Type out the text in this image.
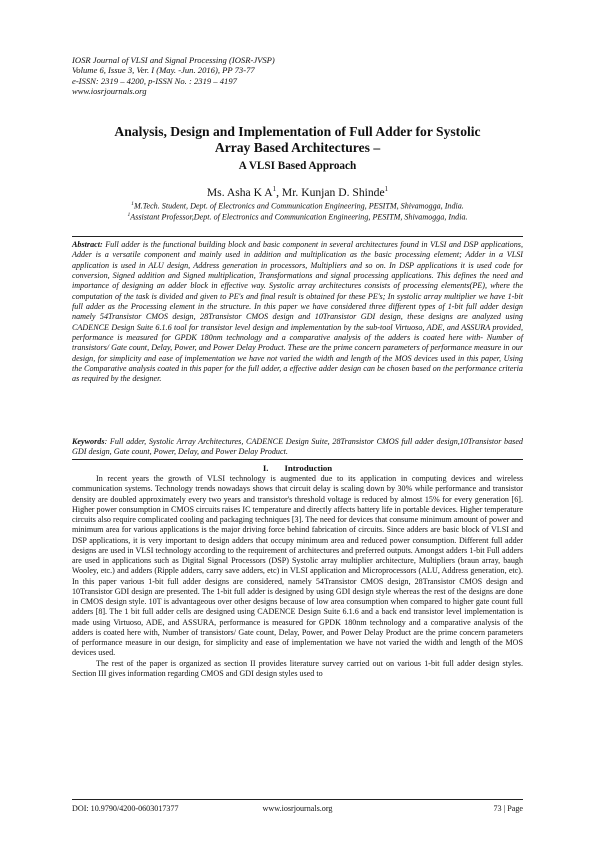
IOSR Journal of VLSI and Signal Processing (IOSR-JVSP)
Volume 6, Issue 3, Ver. I (May. -Jun. 2016), PP 73-77
e-ISSN: 2319 – 4200, p-ISSN No. : 2319 – 4197
www.iosrjournals.org
Analysis, Design and Implementation of Full Adder for Systolic
Array Based Architectures –
A VLSI Based Approach
Ms. Asha K $A^1$, Mr. Kunjan D. Shinde$^1$
$^1$M.Tech. Student, Dept. of Electronics and Communication Engineering, PESITM, Shivamogga, India.
$^1$Assistant Professor,Dept. of Electronics and Communication Engineering, PESITM, Shivamogga, India.
Abstract: Full adder is the functional building block and basic component in several architectures found in VLSI and DSP applications, Adder is a versatile component and mainly used in addition and multiplication as the basic processing element; Adder in a VLSI application is used in ALU design, Address generation in processors, Multipliers and so on. In DSP applications it is used code for conversion, Signed addition and Signed multiplication, Transformations and signal processing applications. This defines the need and importance of designing an adder block in effective way. Systolic array architectures consists of processing elements(PE), where the computation of the task is divided and given to PE's and final result is obtained for these PE's; In systolic array multiplier we have 1-bit full adder as the Processing element in the structure. In this paper we have considered three different types of 1-bit full adder design namely 54Transistor CMOS design, 28Transistor CMOS design and 10Transistor GDI design, these designs are analyzed using CADENCE Design Suite 6.1.6 tool for transistor level design and implementation by the sub-tool Virtuoso, ADE, and ASSURA provided, performance is measured for GPDK 180nm technology and a comparative analysis of the adders is coated here with- Number of transistors/ Gate count, Delay, Power, and Power Delay Product. These are the prime concern parameters of performance measure in our design, for simplicity and ease of implementation we have not varied the width and length of the MOS devices used in this paper, Using the Comparative analysis coated in this paper for the full adder, a effective adder design can be chosen based on the performance criteria as required by the designer.
Keywords: Full adder, Systolic Array Architectures, CADENCE Design Suite, 28Transistor CMOS full adder design,10Transistor based GDI design, Gate count, Power, Delay, and Power Delay Product.
I. Introduction

In recent years the growth of VLSI technology is augmented due to its application in computing devices and wireless communication systems. Technology trends nowadays shows that circuit delay is scaling down by 30% while performance and transistor density are doubled approximately every two years and transistor's threshold voltage is reduced by almost 15% for every generation [6]. Higher power consumption in CMOS circuits raises IC temperature and directly affects battery life in portable devices. Higher temperature circuits also require complicated cooling and packaging techniques [3]. The need for devices that consume minimum amount of power and minimum area for various applications is the major driving force behind fabrication of circuits. Since adders are basic block of VLSI and DSP applications, it is very important to design adders that occupy minimum area and reduced power consumption. Different full adder designs are used in VLSI technology according to the requirement of architectures and preferred outputs. Amongst adders 1-bit Full adders are used in applications such as Digital Signal Processors (DSP) Systolic array multiplier architecture, Multipliers (braun array, baugh Wooley, etc.) and adders (Ripple adders, carry save adders, etc) in VLSI application and Microprocessors (ALU, Address generation, etc). In this paper various 1-bit full adder designs are considered, namely 54Transistor CMOS design, 28Transistor CMOS design and 10Transistor GDI design are presented. The 1-bit full adder is designed by using GDI design style whereas the rest of the designs are done in CMOS design style. 10T is advantageous over other designs because of low area consumption when compared to higher gate count full adders [8]. The 1 bit full adder cells are designed using CADENCE Design Suite 6.1.6 and a back end transistor level implementation is made using Virtuoso, ADE, and ASSURA, performance is measured for GPDK 180nm technology and a comparative analysis of the adders is coated here with, Number of transistors/ Gate count, Delay, Power, and Power Delay Product are the prime concern parameters of performance measure in our design, for simplicity and ease of implementation we have not varied the width and length of the MOS devices used.

The rest of the paper is organized as section II provides literature survey carried out on various 1-bit full adder design styles. Section III gives information regarding CMOS and GDI design styles used to

DOI: 10.9790/4200-0603017377	www.iosrjournals.org	73 | Page
